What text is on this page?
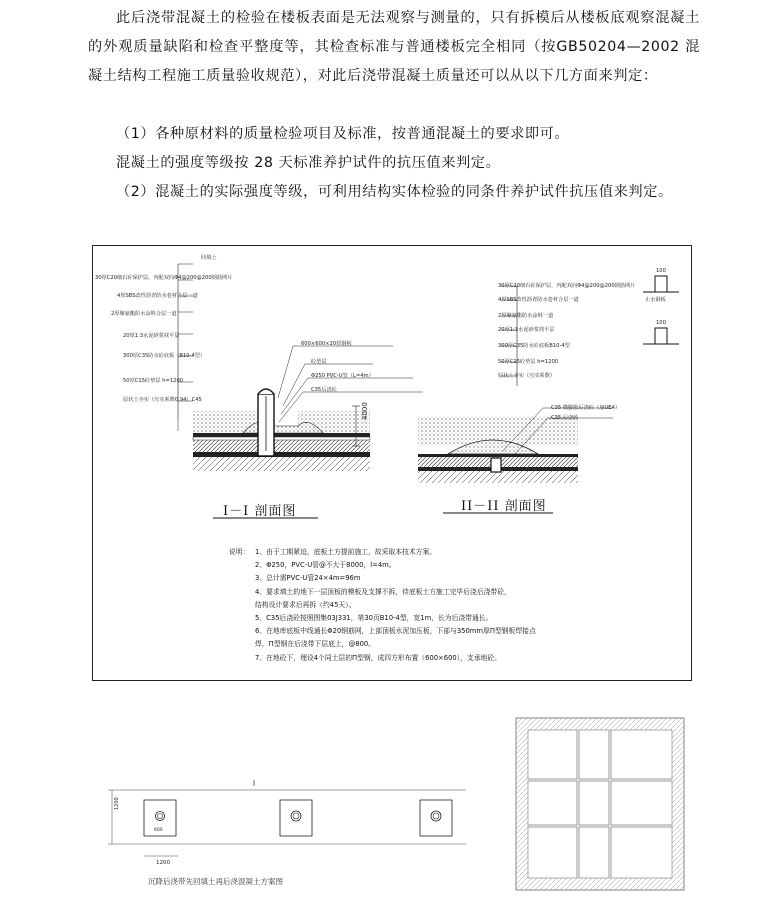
此后浇带混凝土的检验在楼板表面是无法观察与测量的，只有拆模后从楼板底观察混凝土的外观质量缺陷和检查平整度等，其检查标准与普通楼板完全相同（按GB50204—2002 混凝土结构工程施工质量验收规范），对此后浇带混凝土质量还可以从以下几方面来判定：
（1）各种原材料的质量检验项目及标准，按普通混凝土的要求即可。
混凝土的强度等级按 28 天标准养护试件的抗压值来判定。
（2）混凝土的实际强度等级，可利用结构实体检验的同条件养护试件抗压值来判定。
回填土
30厚C20细石砼保护层，内配双向Φ4@200@200钢筋网片
4厚SBS改性沥青防水卷材合层一道
2厚聚氨酯防水涂料合层一道
20厚1:3水泥砂浆找平层
300厚C35防水砼底板（B10-4型）
50厚C15砼垫层 h=1200
原状土夯实（压实系数0.94）C45
600×600×20厚钢板
砼垫层
Φ250 PVC-U管（L=4m）
C35后浇砼
4000
30厚C20细石砼保护层，内配双向Φ4@200@200钢筋网片
4厚SBS改性沥青防水卷材合层一道
2厚聚氨酯防水涂料一道
20厚1:3水泥砂浆找平层
300厚C35防水砼底板B10-4型
50厚C15砼垫层 h=1200
原状土夯实（压实系数）
C35 微膨胀后浇砼（加UEA）
C35 后浇砼
100
止水钢板
100
I－I 剖面图	II－II 剖面图
说明： 1、由于工期紧迫，底板土方提前施工，故采取本技术方案。
2、Φ250，PVC-U管@不大于8000，l=4m。
3、总计需PVC-U管24×4m=96m
4、要求填土的地下一层顶板的模板及支撑不拆，待底板土方施工完毕后浇后浇带砼，
结构设计要求后再拆（约45天）。
5、C35后浇砼按照图集03J331，第30页B10-4型，宽1m，长为后浇带通长。
6、在地库底板中线通长Φ20钢筋网，上部顶板水泥加压板，下部与350mm厚Π型钢板焊接点
焊，Π型钢在后浇带下层底上，@800。
7、在地砼下，埋设4个同土层的Π型钢，成四方形布置（600×600），支承地砼。
1200
1200
600
沉降后浇带先回填土再后浇混凝土方案图
